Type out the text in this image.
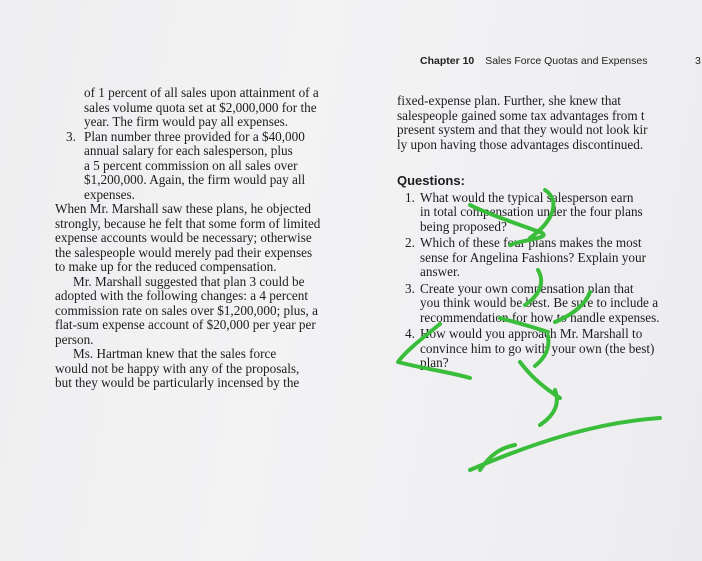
Chapter 10 Sales Force Quotas and Expenses	3
of 1 percent of all sales upon attainment of a
sales volume quota set at $2,000,000 for the
year. The firm would pay all expenses.
3. Plan number three provided for a $40,000
annual salary for each salesperson, plus
a 5 percent commission on all sales over
$1,200,000. Again, the firm would pay all
expenses.
When Mr. Marshall saw these plans, he objected
strongly, because he felt that some form of limited
expense accounts would be necessary; otherwise
the salespeople would merely pad their expenses
to make up for the reduced compensation.
Mr. Marshall suggested that plan 3 could be
adopted with the following changes: a 4 percent
commission rate on sales over $1,200,000; plus, a
flat-sum expense account of $20,000 per year per
person.
Ms. Hartman knew that the sales force
would not be happy with any of the proposals,
but they would be particularly incensed by the
fixed-expense plan. Further, she knew that
salespeople gained some tax advantages from t
present system and that they would not look kir
ly upon having those advantages discontinued.
Questions:
1. What would the typical salesperson earn
in total compensation under the four plans
being proposed?
2. Which of these four plans makes the most
sense for Angelina Fashions? Explain your
answer.
3. Create your own compensation plan that
you think would be best. Be sure to include a
recommendation for how to handle expenses.
4. How would you approach Mr. Marshall to
convince him to go with your own (the best)
plan?
